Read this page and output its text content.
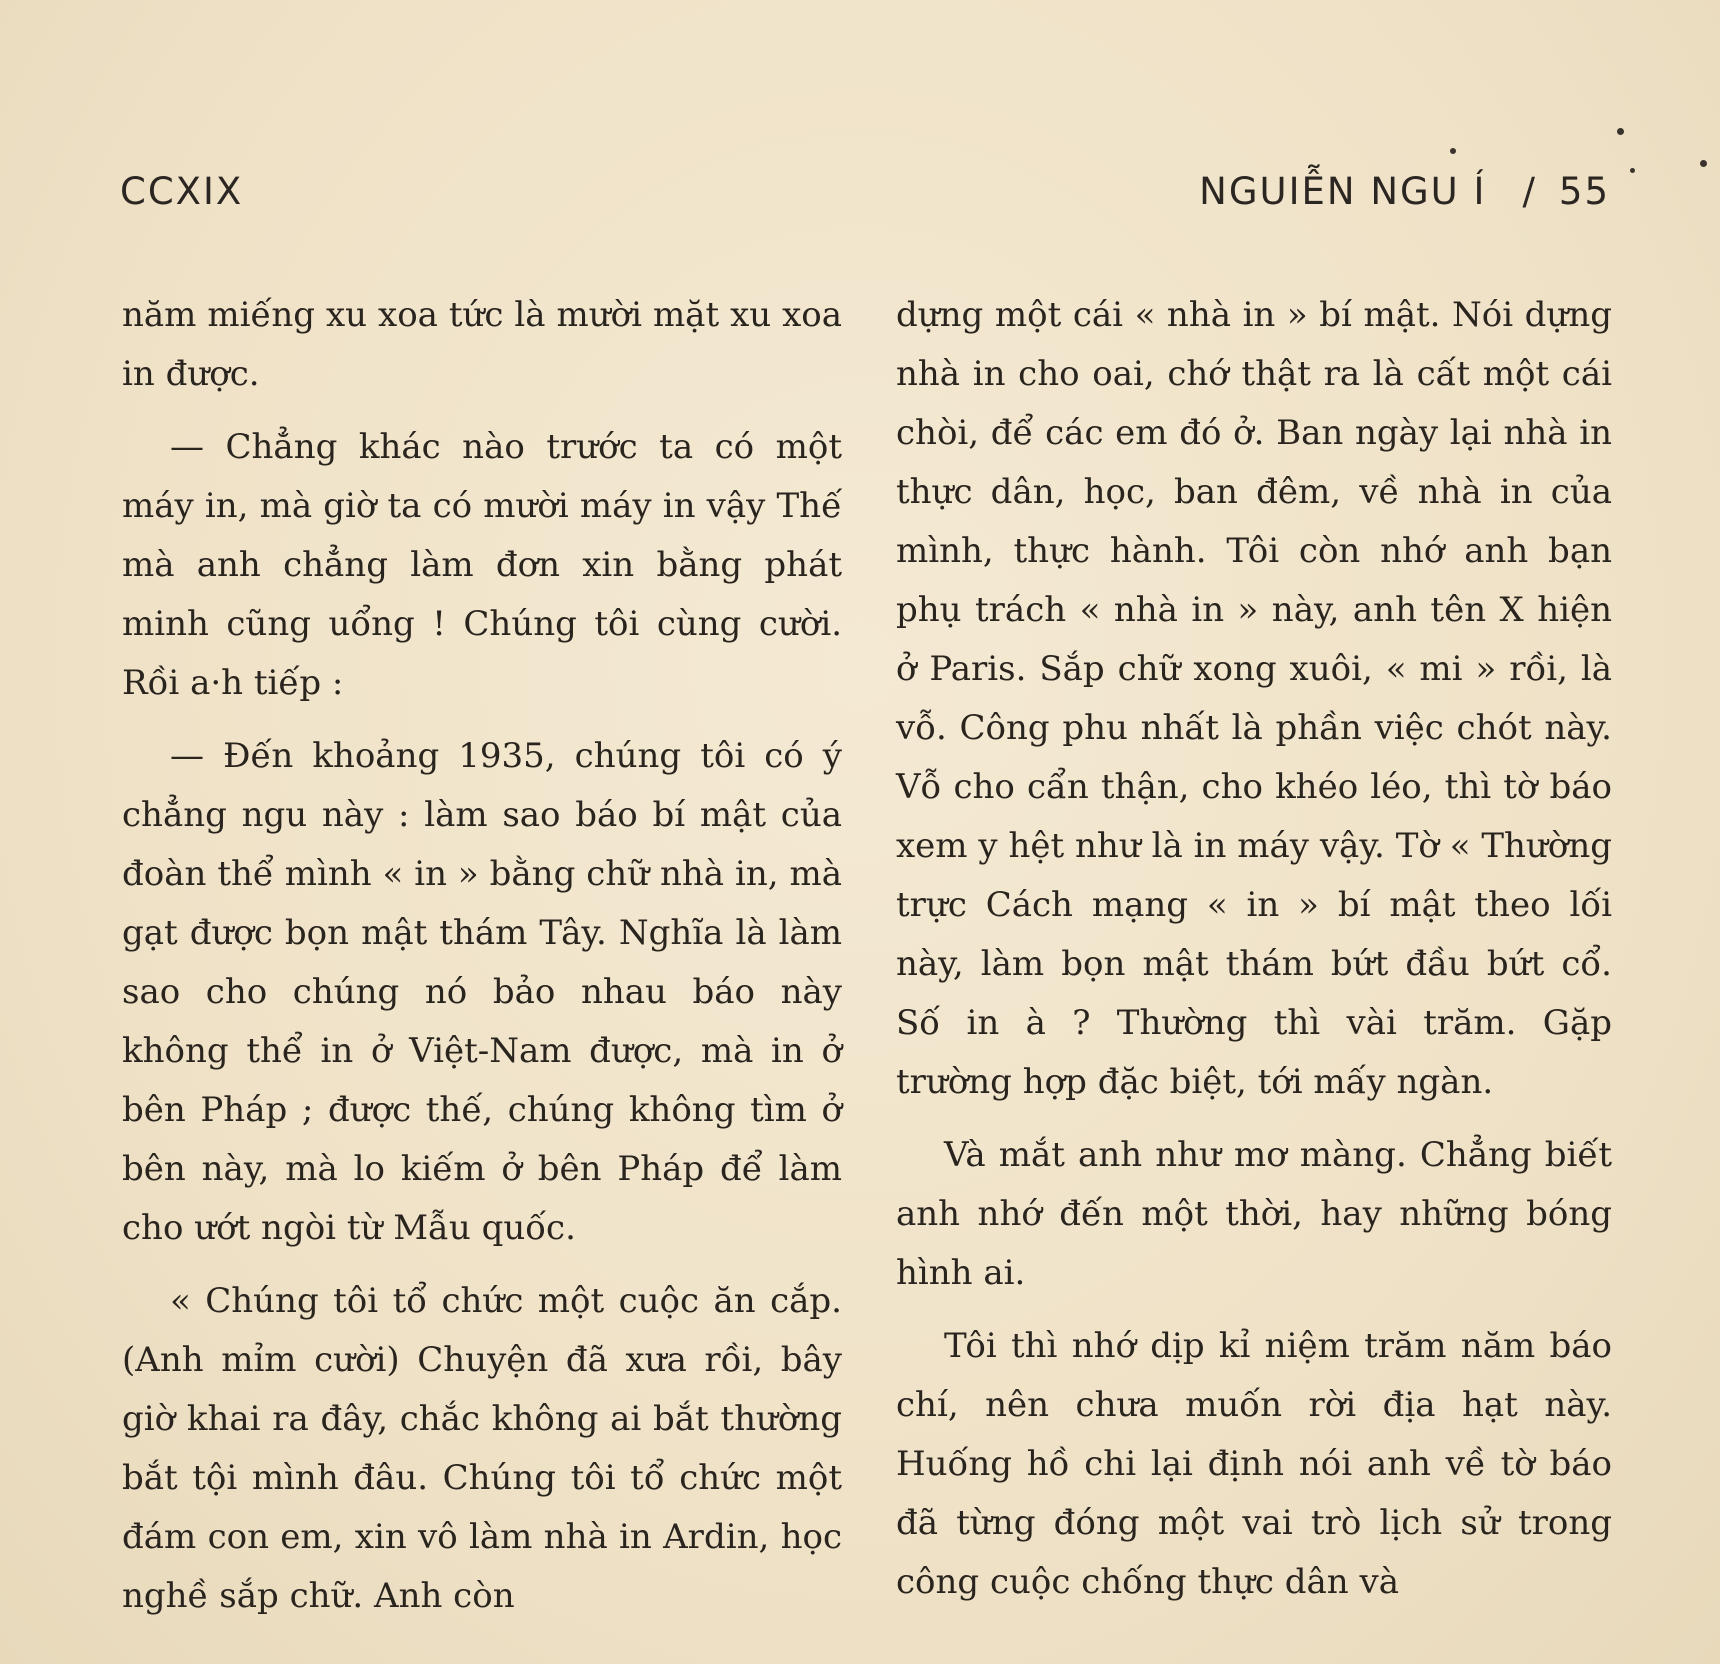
CCXIX	NGUIỄN NGU Í / 55

năm miếng xu xoa tức là mười mặt xu xoa in được.

— Chẳng khác nào trước ta có một máy in, mà giờ ta có mười máy in vậy Thế mà anh chẳng làm đơn xin bằng phát minh cũng uổng ! Chúng tôi cùng cười. Rồi a·h tiếp :

— Đến khoảng 1935, chúng tôi có ý chẳng ngu này : làm sao báo bí mật của đoàn thể mình « in » bằng chữ nhà in, mà gạt được bọn mật thám Tây. Nghĩa là làm sao cho chúng nó bảo nhau báo này không thể in ở Việt-Nam được, mà in ở bên Pháp ; được thế, chúng không tìm ở bên này, mà lo kiếm ở bên Pháp để làm cho ướt ngòi từ Mẫu quốc.

« Chúng tôi tổ chức một cuộc ăn cắp. (Anh mỉm cười) Chuyện đã xưa rồi, bây giờ khai ra đây, chắc không ai bắt thường bắt tội mình đâu. Chúng tôi tổ chức một đám con em, xin vô làm nhà in Ardin, học nghề sắp chữ. Anh còn

dựng một cái « nhà in » bí mật. Nói dựng nhà in cho oai, chớ thật ra là cất một cái chòi, để các em đó ở. Ban ngày lại nhà in thực dân, học, ban đêm, về nhà in của mình, thực hành. Tôi còn nhớ anh bạn phụ trách « nhà in » này, anh tên X hiện ở Paris. Sắp chữ xong xuôi, « mi » rồi, là vỗ. Công phu nhất là phần việc chót này. Vỗ cho cẩn thận, cho khéo léo, thì tờ báo xem y hệt như là in máy vậy. Tờ « Thường trực Cách mạng « in » bí mật theo lối này, làm bọn mật thám bứt đầu bứt cổ. Số in à ? Thường thì vài trăm. Gặp trường hợp đặc biệt, tới mấy ngàn.

Và mắt anh như mơ màng. Chẳng biết anh nhớ đến một thời, hay những bóng hình ai.

Tôi thì nhớ dịp kỉ niệm trăm năm báo chí, nên chưa muốn rời địa hạt này. Huống hồ chi lại định nói anh về tờ báo đã từng đóng một vai trò lịch sử trong công cuộc chống thực dân và
